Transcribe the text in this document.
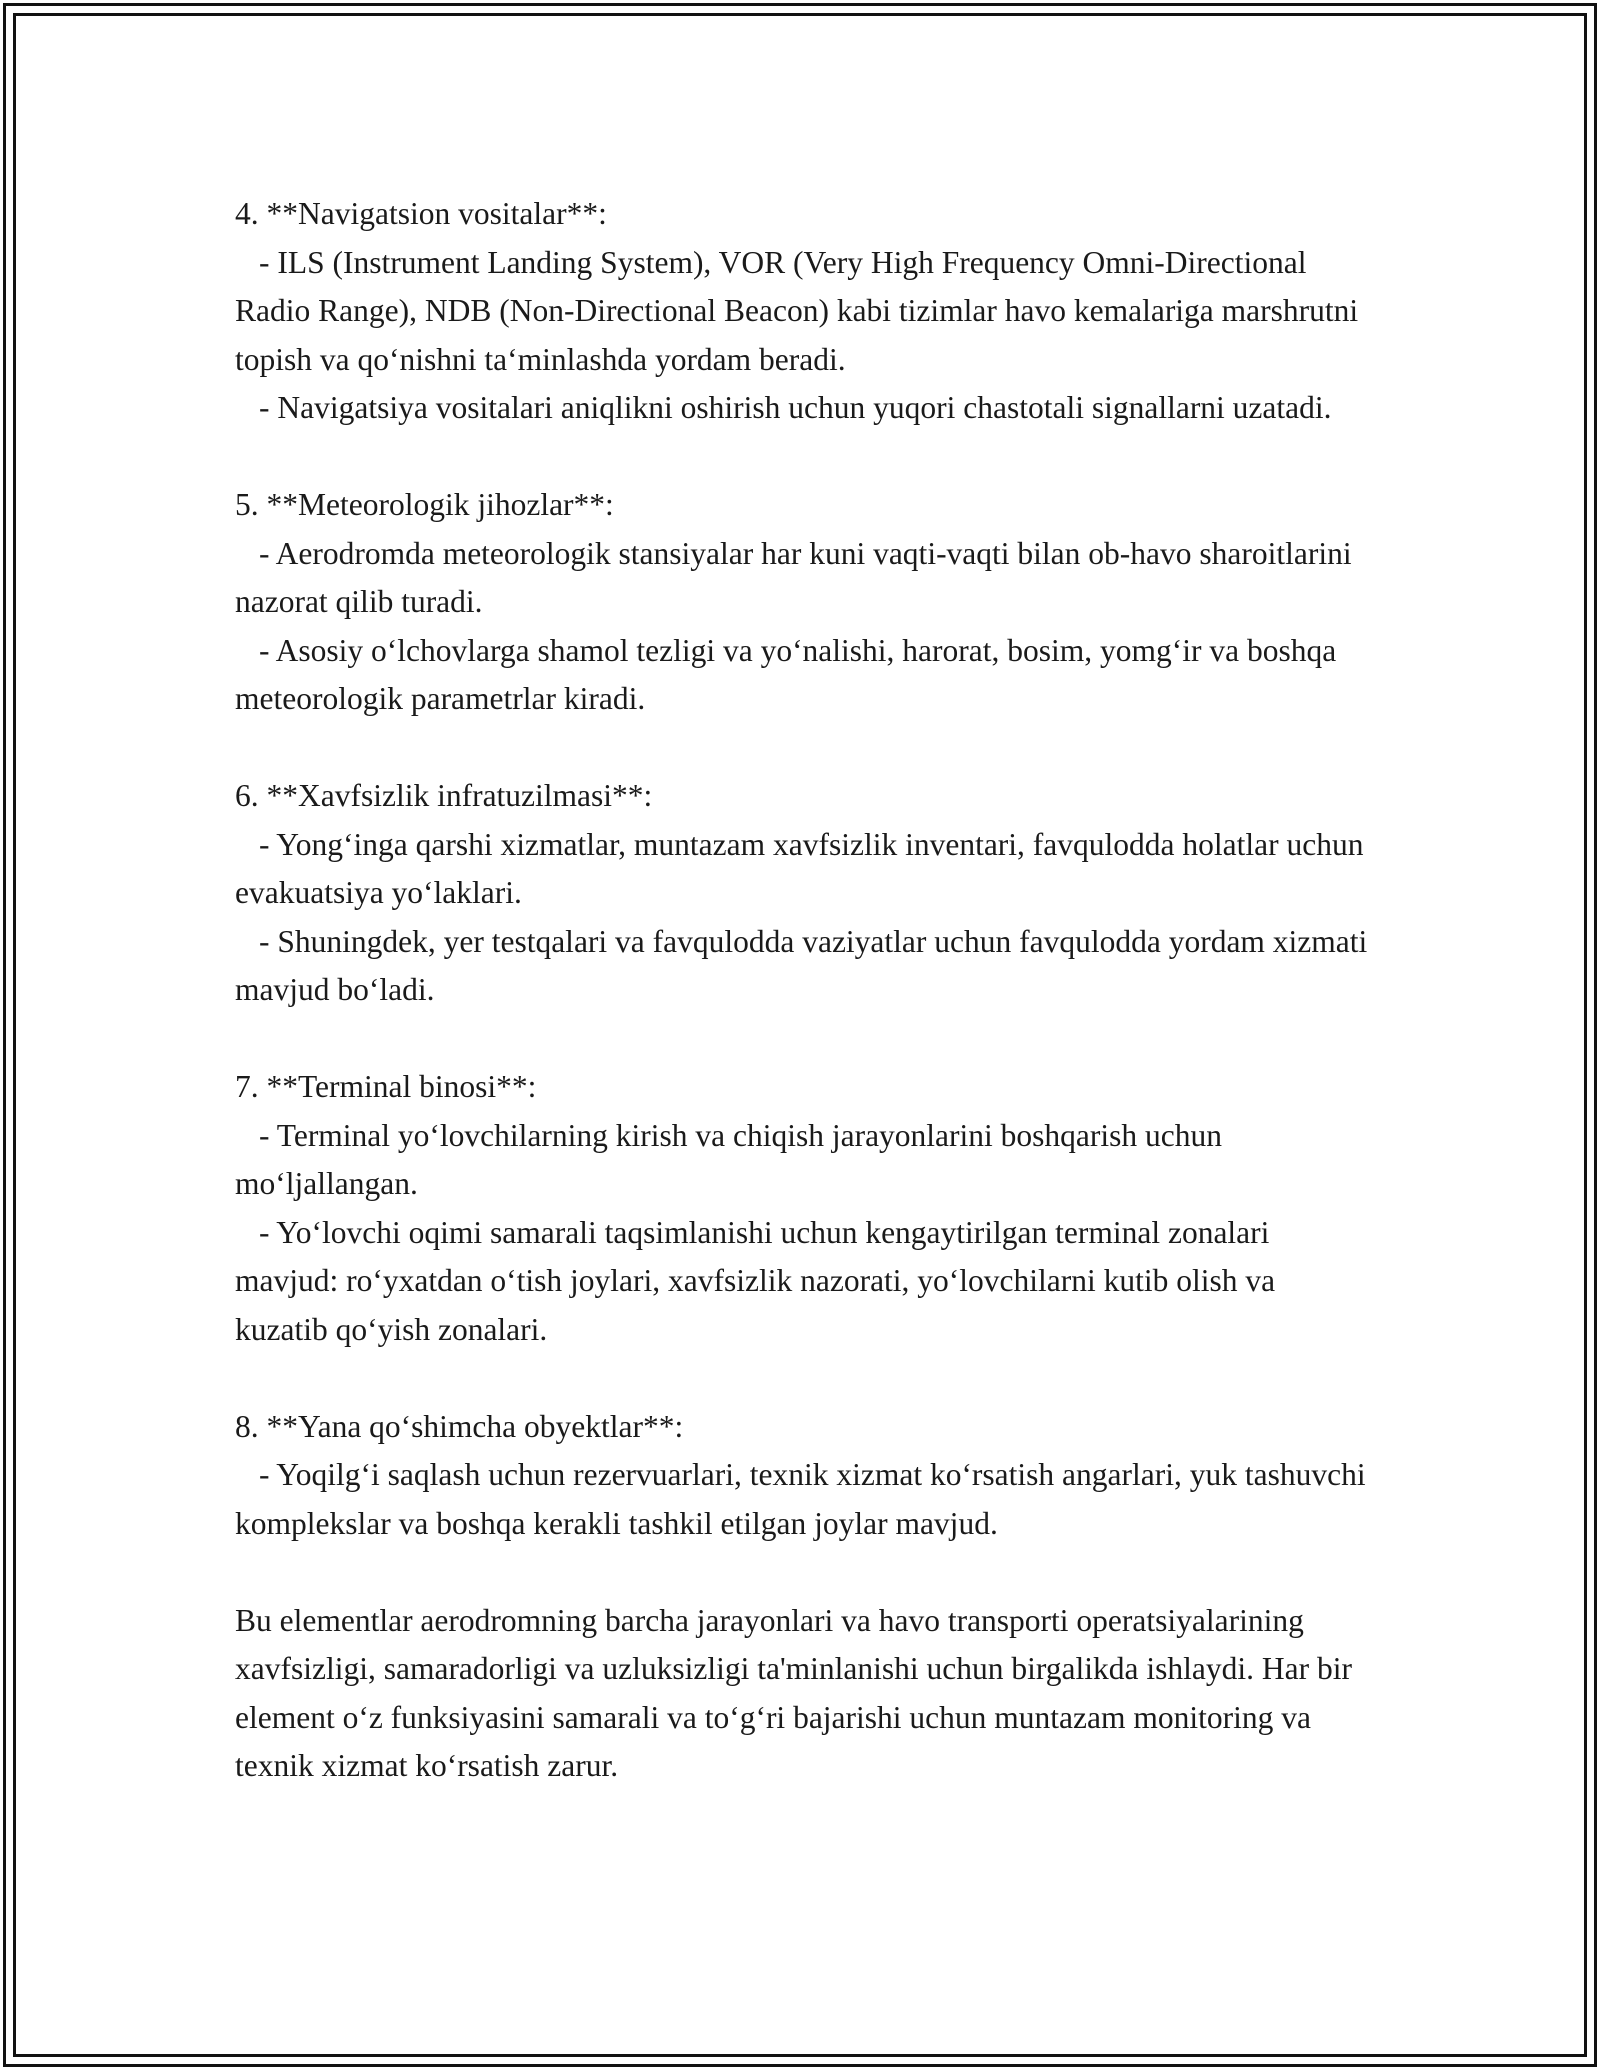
4. **Navigatsion vositalar**:

- ILS (Instrument Landing System), VOR (Very High Frequency Omni-Directional Radio Range), NDB (Non-Directional Beacon) kabi tizimlar havo kemalariga marshrutni topish va qo‘nishni ta‘minlashda yordam beradi.

- Navigatsiya vositalari aniqlikni oshirish uchun yuqori chastotali signallarni uzatadi.

5. **Meteorologik jihozlar**:

- Aerodromda meteorologik stansiyalar har kuni vaqti-vaqti bilan ob-havo sharoitlarini nazorat qilib turadi.

- Asosiy o‘lchovlarga shamol tezligi va yo‘nalishi, harorat, bosim, yomg‘ir va boshqa meteorologik parametrlar kiradi.

6. **Xavfsizlik infratuzilmasi**:

- Yong‘inga qarshi xizmatlar, muntazam xavfsizlik inventari, favqulodda holatlar uchun evakuatsiya yo‘laklari.

- Shuningdek, yer testqalari va favqulodda vaziyatlar uchun favqulodda yordam xizmati mavjud bo‘ladi.

7. **Terminal binosi**:

- Terminal yo‘lovchilarning kirish va chiqish jarayonlarini boshqarish uchun mo‘ljallangan.

- Yo‘lovchi oqimi samarali taqsimlanishi uchun kengaytirilgan terminal zonalari mavjud: ro‘yxatdan o‘tish joylari, xavfsizlik nazorati, yo‘lovchilarni kutib olish va kuzatib qo‘yish zonalari.

8. **Yana qo‘shimcha obyektlar**:

- Yoqilg‘i saqlash uchun rezervuarlari, texnik xizmat ko‘rsatish angarlari, yuk tashuvchi komplekslar va boshqa kerakli tashkil etilgan joylar mavjud.

Bu elementlar aerodromning barcha jarayonlari va havo transporti operatsiyalarining xavfsizligi, samaradorligi va uzluksizligi ta'minlanishi uchun birgalikda ishlaydi. Har bir element o‘z funksiyasini samarali va to‘g‘ri bajarishi uchun muntazam monitoring va texnik xizmat ko‘rsatish zarur.
